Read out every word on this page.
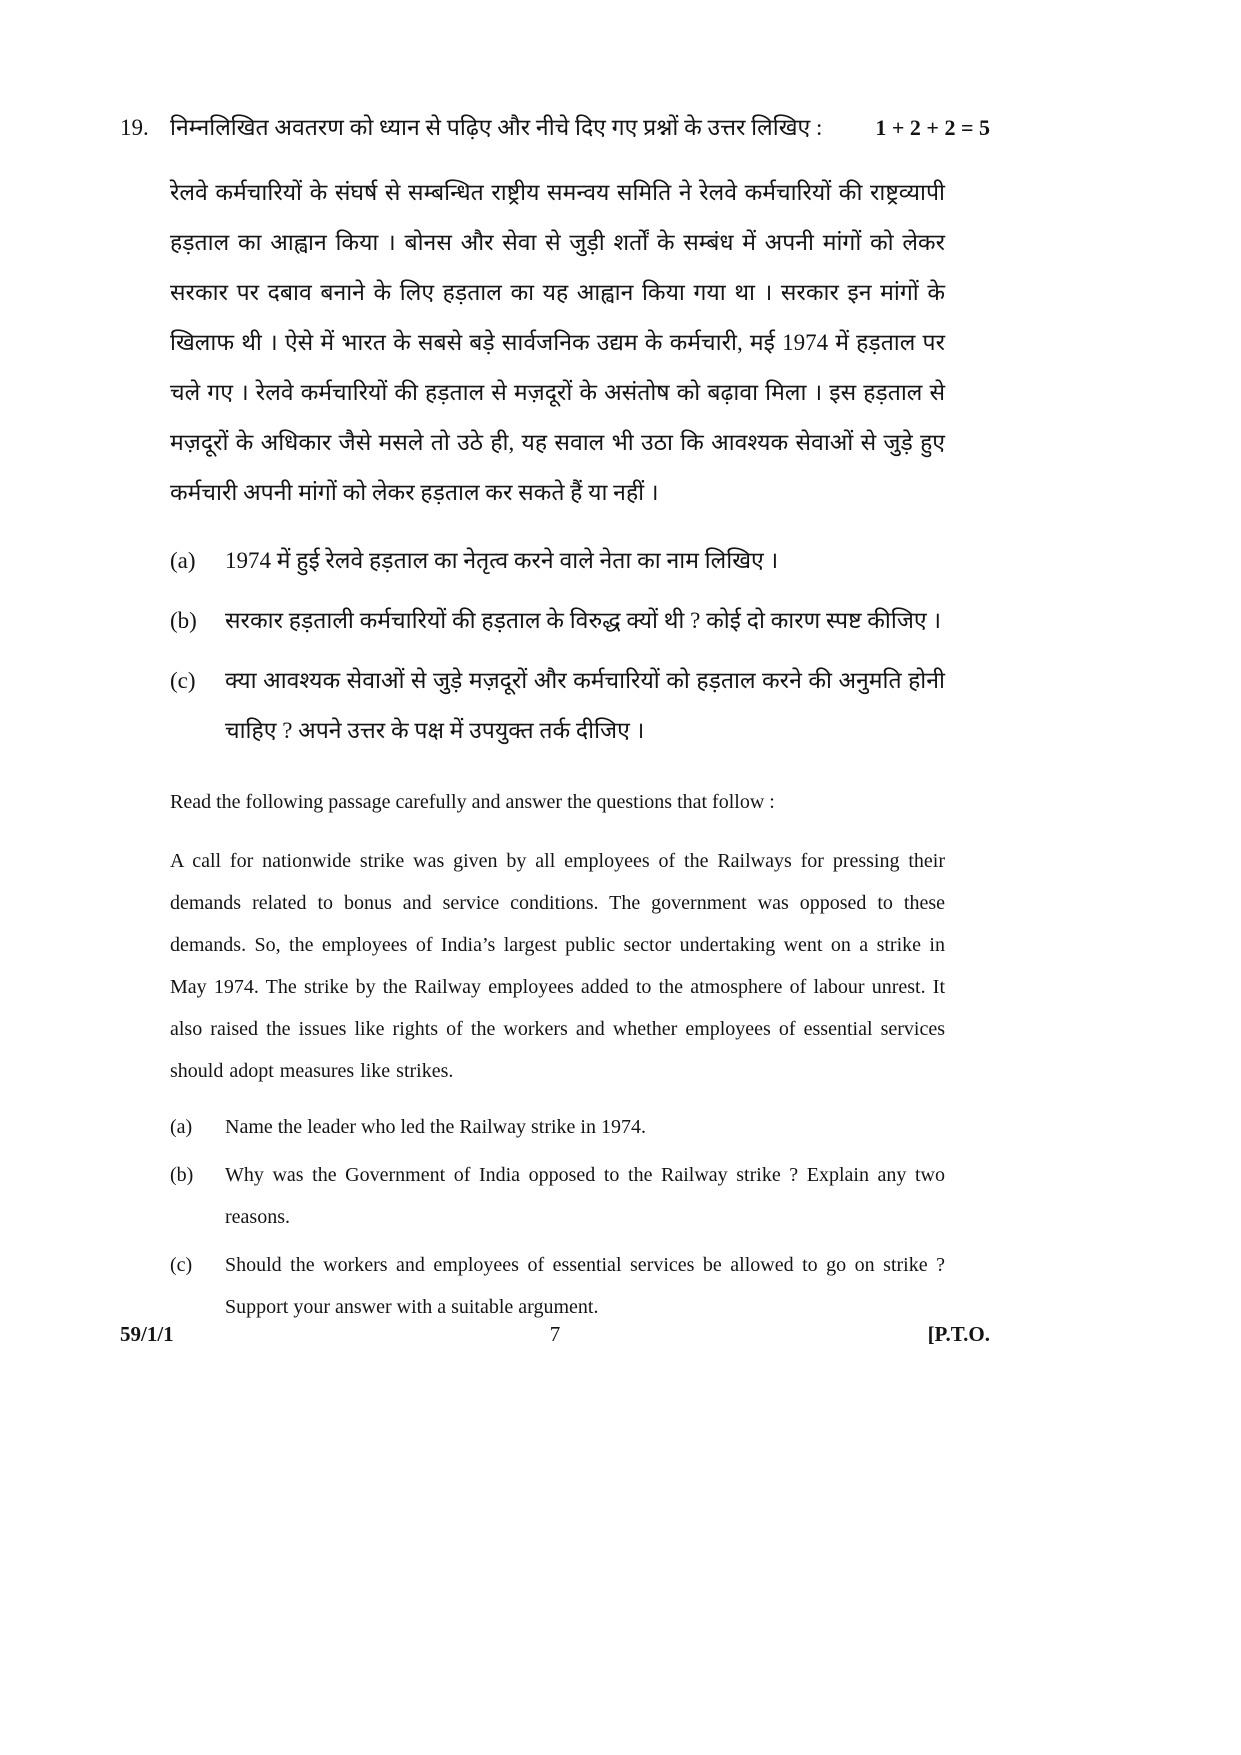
19. निम्नलिखित अवतरण को ध्यान से पढ़िए और नीचे दिए गए प्रश्नों के उत्तर लिखिए : 1 + 2 + 2 = 5

रेलवे कर्मचारियों के संघर्ष से सम्बन्धित राष्ट्रीय समन्वय समिति ने रेलवे कर्मचारियों की राष्ट्रव्यापी हड़ताल का आह्वान किया । बोनस और सेवा से जुड़ी शर्तों के सम्बंध में अपनी मांगों को लेकर सरकार पर दबाव बनाने के लिए हड़ताल का यह आह्वान किया गया था । सरकार इन मांगों के खिलाफ थी । ऐसे में भारत के सबसे बड़े सार्वजनिक उद्यम के कर्मचारी, मई 1974 में हड़ताल पर चले गए । रेलवे कर्मचारियों की हड़ताल से मज़दूरों के असंतोष को बढ़ावा मिला । इस हड़ताल से मज़दूरों के अधिकार जैसे मसले तो उठे ही, यह सवाल भी उठा कि आवश्यक सेवाओं से जुड़े हुए कर्मचारी अपनी मांगों को लेकर हड़ताल कर सकते हैं या नहीं ।

(a)	1974 में हुई रेलवे हड़ताल का नेतृत्व करने वाले नेता का नाम लिखिए ।
(b)	सरकार हड़ताली कर्मचारियों की हड़ताल के विरुद्ध क्यों थी ? कोई दो कारण स्पष्ट कीजिए ।
(c)	क्या आवश्यक सेवाओं से जुड़े मज़दूरों और कर्मचारियों को हड़ताल करने की अनुमति होनी चाहिए ? अपने उत्तर के पक्ष में उपयुक्त तर्क दीजिए ।

Read the following passage carefully and answer the questions that follow :

A call for nationwide strike was given by all employees of the Railways for pressing their demands related to bonus and service conditions. The government was opposed to these demands. So, the employees of India’s largest public sector undertaking went on a strike in May 1974. The strike by the Railway employees added to the atmosphere of labour unrest. It also raised the issues like rights of the workers and whether employees of essential services should adopt measures like strikes.

(a)	Name the leader who led the Railway strike in 1974.
(b)	Why was the Government of India opposed to the Railway strike ? Explain any two reasons.
(c)	Should the workers and employees of essential services be allowed to go on strike ? Support your answer with a suitable argument.
59/1/1	7	[P.T.O.
